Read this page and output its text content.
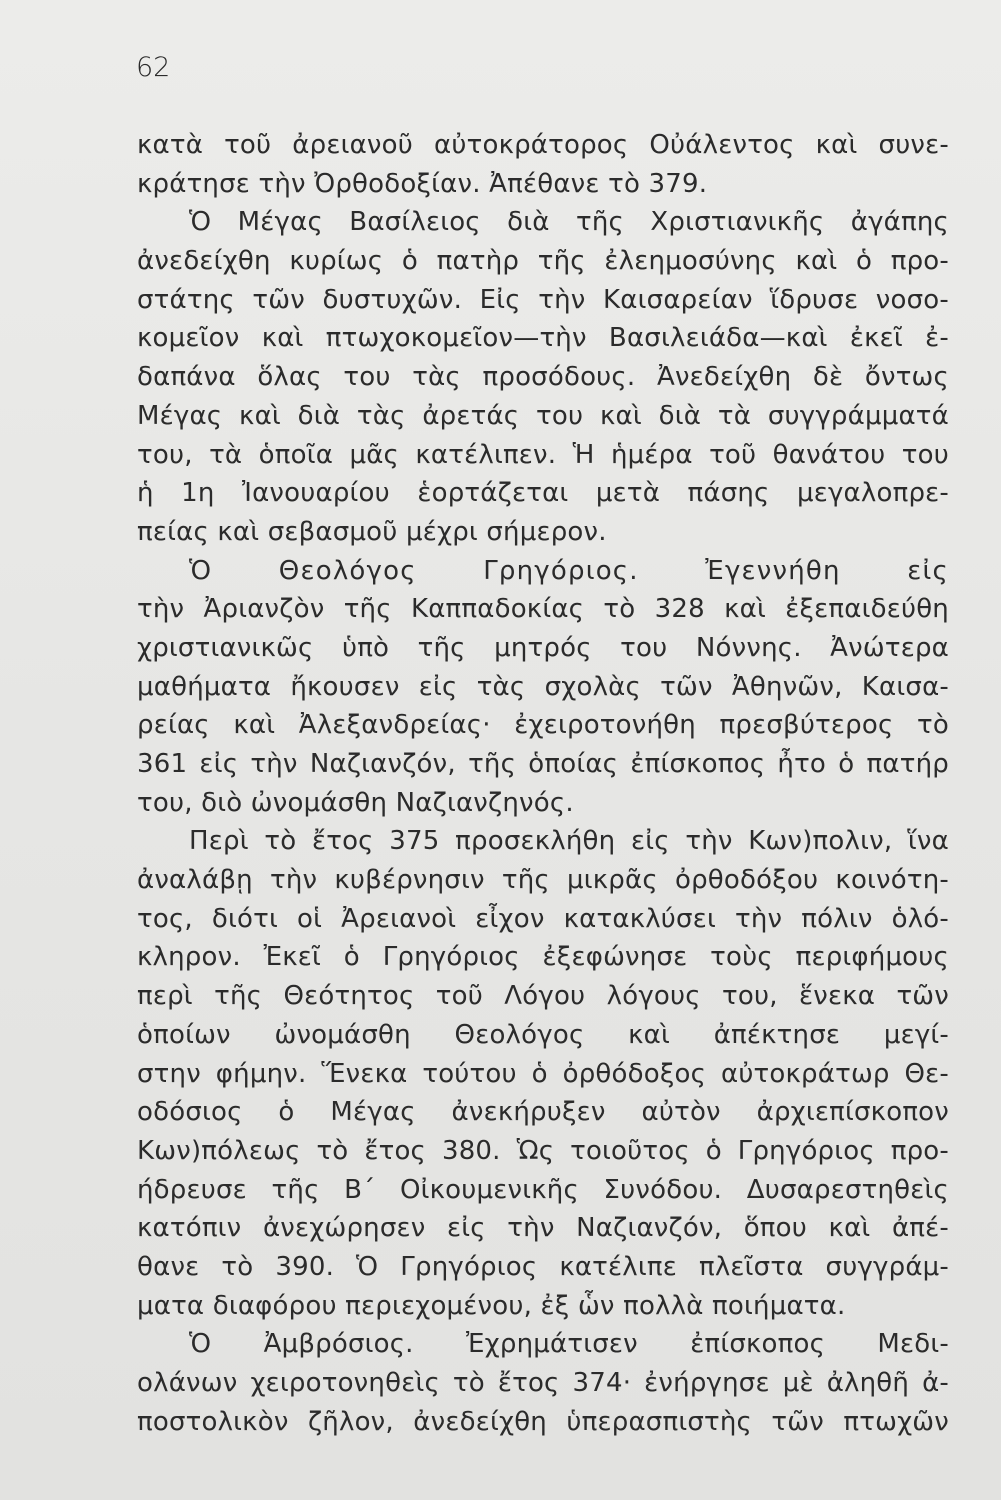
62
κατὰ τοῦ ἀρειανοῦ αὐτοκράτορος Οὐάλεντος καὶ συνε-
κράτησε τὴν Ὀρθοδοξίαν. Ἀπέθανε τὸ 379.
Ὁ Μέγας Βασίλειος διὰ τῆς Χριστιανικῆς ἀγάπης
ἀνεδείχθη κυρίως ὁ πατὴρ τῆς ἐλεημοσύνης καὶ ὁ προ-
στάτης τῶν δυστυχῶν. Εἰς τὴν Καισαρείαν ἵδρυσε νοσο-
κομεῖον καὶ πτωχοκομεῖον—τὴν Βασιλειάδα—καὶ ἐκεῖ ἐ-
δαπάνα ὅλας του τὰς προσόδους. Ἀνεδείχθη δὲ ὄντως
Μέγας καὶ διὰ τὰς ἀρετάς του καὶ διὰ τὰ συγγράμματά
του, τὰ ὁποῖα μᾶς κατέλιπεν. Ἡ ἡμέρα τοῦ θανάτου του
ἡ 1η Ἰανουαρίου ἑορτάζεται μετὰ πάσης μεγαλοπρε-
πείας καὶ σεβασμοῦ μέχρι σήμερον.
Ὁ Θεολόγος Γρηγόριος. Ἐγεννήθη εἰς
τὴν Ἀριανζὸν τῆς Καππαδοκίας τὸ 328 καὶ ἐξεπαιδεύθη
χριστιανικῶς ὑπὸ τῆς μητρός του Νόννης. Ἀνώτερα
μαθήματα ἤκουσεν εἰς τὰς σχολὰς τῶν Ἀθηνῶν, Καισα-
ρείας καὶ Ἀλεξανδρείας· ἐχειροτονήθη πρεσβύτερος τὸ
361 εἰς τὴν Ναζιανζόν, τῆς ὁποίας ἐπίσκοπος ἦτο ὁ πατήρ
του, διὸ ὠνομάσθη Ναζιανζηνός.
Περὶ τὸ ἔτος 375 προσεκλήθη εἰς τὴν Κων)πολιν, ἵνα
ἀναλάβῃ τὴν κυβέρνησιν τῆς μικρᾶς ὀρθοδόξου κοινότη-
τος, διότι οἱ Ἀρειανοὶ εἶχον κατακλύσει τὴν πόλιν ὁλό-
κληρον. Ἐκεῖ ὁ Γρηγόριος ἐξεφώνησε τοὺς περιφήμους
περὶ τῆς Θεότητος τοῦ Λόγου λόγους του, ἕνεκα τῶν
ὁποίων ὠνομάσθη Θεολόγος καὶ ἀπέκτησε μεγί-
στην φήμην. Ἕνεκα τούτου ὁ ὀρθόδοξος αὐτοκράτωρ Θε-
οδόσιος ὁ Μέγας ἀνεκήρυξεν αὐτὸν ἀρχιεπίσκοπον
Κων)πόλεως τὸ ἔτος 380. Ὡς τοιοῦτος ὁ Γρηγόριος προ-
ήδρευσε τῆς Β΄ Οἰκουμενικῆς Συνόδου. Δυσαρεστηθεὶς
κατόπιν ἀνεχώρησεν εἰς τὴν Ναζιανζόν, ὅπου καὶ ἀπέ-
θανε τὸ 390. Ὁ Γρηγόριος κατέλιπε πλεῖστα συγγράμ-
ματα διαφόρου περιεχομένου, ἐξ ὧν πολλὰ ποιήματα.
Ὁ Ἀμβρόσιος. Ἐχρημάτισεν ἐπίσκοπος Μεδι-
ολάνων χειροτονηθεὶς τὸ ἔτος 374· ἐνήργησε μὲ ἀληθῆ ἀ-
ποστολικὸν ζῆλον, ἀνεδείχθη ὑπερασπιστὴς τῶν πτωχῶν
